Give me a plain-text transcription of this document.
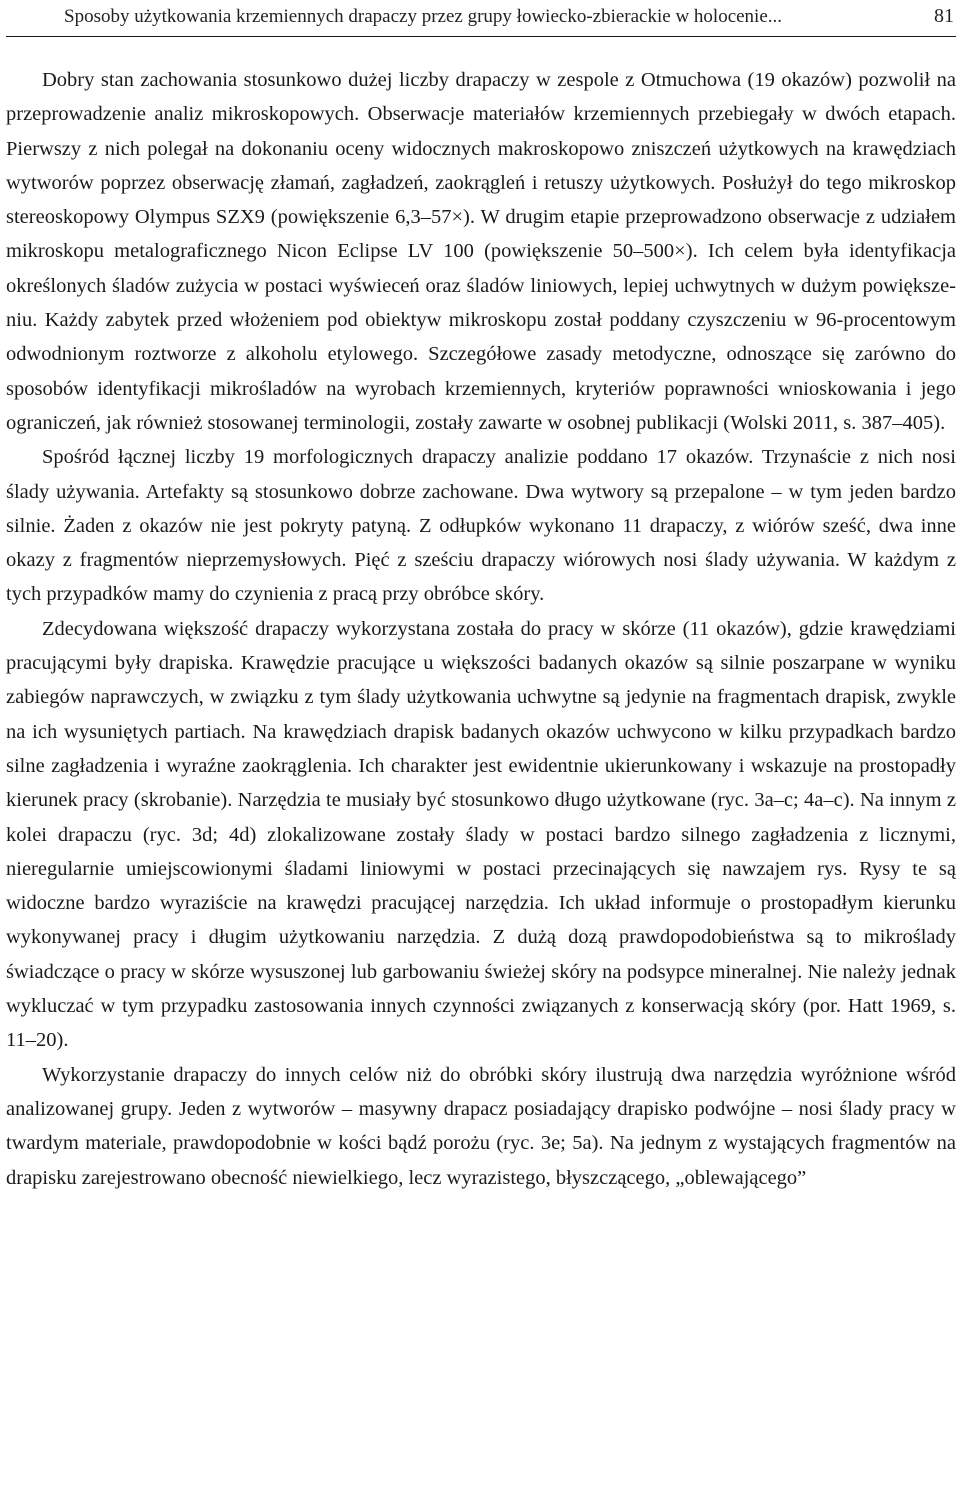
Sposoby użytkowania krzemiennych drapaczy przez grupy łowiecko-zbierackie w holocenie...	81

Dobry stan zachowania stosunkowo dużej liczby drapaczy w zespole z Otmuchowa (19 okazów) pozwolił na przeprowadzenie analiz mikroskopowych. Obserwacje materiałów krzemiennych przebiegały w dwóch etapach. Pierwszy z nich polegał na dokonaniu oceny widocznych makroskopowo zniszczeń użytkowych na krawędziach wytworów poprzez obserwację złamań, zagładzeń, zaokrągleń i retuszy użytkowych. Posłużył do tego mikroskop stereoskopowy Olympus SZX9 (powiększenie 6,3–57×). W drugim etapie przeprowadzono obserwacje z udziałem mikroskopu metalograficznego Nicon Eclipse LV 100 (powiększenie 50–500×). Ich celem była identyfikacja określonych śladów zużycia w postaci wyświeceń oraz śladów liniowych, lepiej uchwytnych w dużym powiększeniu. Każdy zabytek przed włożeniem pod obiektyw mikroskopu został poddany czyszczeniu w 96-procentowym odwodnionym roztworze z alkoholu etylowego. Szczegółowe zasady metodyczne, odnoszące się zarówno do sposobów identyfikacji mikrośladów na wyrobach krzemiennych, kryteriów poprawności wnioskowania i jego ograniczeń, jak również stosowanej terminologii, zostały zawarte w osobnej publikacji (Wolski 2011, s. 387–405).

Spośród łącznej liczby 19 morfologicznych drapaczy analizie poddano 17 okazów. Trzynaście z nich nosi ślady używania. Artefakty są stosunkowo dobrze zachowane. Dwa wytwory są przepalone – w tym jeden bardzo silnie. Żaden z okazów nie jest pokryty patyną. Z odłupków wykonano 11 drapaczy, z wiórów sześć, dwa inne okazy z fragmentów nieprzemysłowych. Pięć z sześciu drapaczy wiórowych nosi ślady używania. W każdym z tych przypadków mamy do czynienia z pracą przy obróbce skóry.

Zdecydowana większość drapaczy wykorzystana została do pracy w skórze (11 okazów), gdzie krawędziami pracującymi były drapiska. Krawędzie pracujące u większości badanych okazów są silnie poszarpane w wyniku zabiegów naprawczych, w związku z tym ślady użytkowania uchwytne są jedynie na fragmentach drapisk, zwykle na ich wysuniętych partiach. Na krawędziach drapisk badanych okazów uchwycono w kilku przypadkach bardzo silne zagładzenia i wyraźne zaokrąglenia. Ich charakter jest ewidentnie ukierunkowany i wskazuje na prostopadły kierunek pracy (skrobanie). Narzędzia te musiały być stosunkowo długo użytkowane (ryc. 3a–c; 4a–c). Na innym z kolei drapaczu (ryc. 3d; 4d) zlokalizowane zostały ślady w postaci bardzo silnego zagładzenia z licznymi, nieregularnie umiejscowionymi śladami liniowymi w postaci przecinających się nawzajem rys. Rysy te są widoczne bardzo wyraziście na krawędzi pracującej narzędzia. Ich układ informuje o prostopadłym kierunku wykonywanej pracy i długim użytkowaniu narzędzia. Z dużą dozą prawdopodobieństwa są to mikroślady świadczące o pracy w skórze wysuszonej lub garbowaniu świeżej skóry na podsypce mineralnej. Nie należy jednak wykluczać w tym przypadku zastosowania innych czynności związanych z konserwacją skóry (por. Hatt 1969, s. 11–20).

Wykorzystanie drapaczy do innych celów niż do obróbki skóry ilustrują dwa narzędzia wyróżnione wśród analizowanej grupy. Jeden z wytworów – masywny drapacz posiadający drapisko podwójne – nosi ślady pracy w twardym materiale, prawdopodobnie w kości bądź porożu (ryc. 3e; 5a). Na jednym z wystających fragmentów na drapisku zarejestrowano obecność niewielkiego, lecz wyrazistego, błyszczącego, „oblewającego”
